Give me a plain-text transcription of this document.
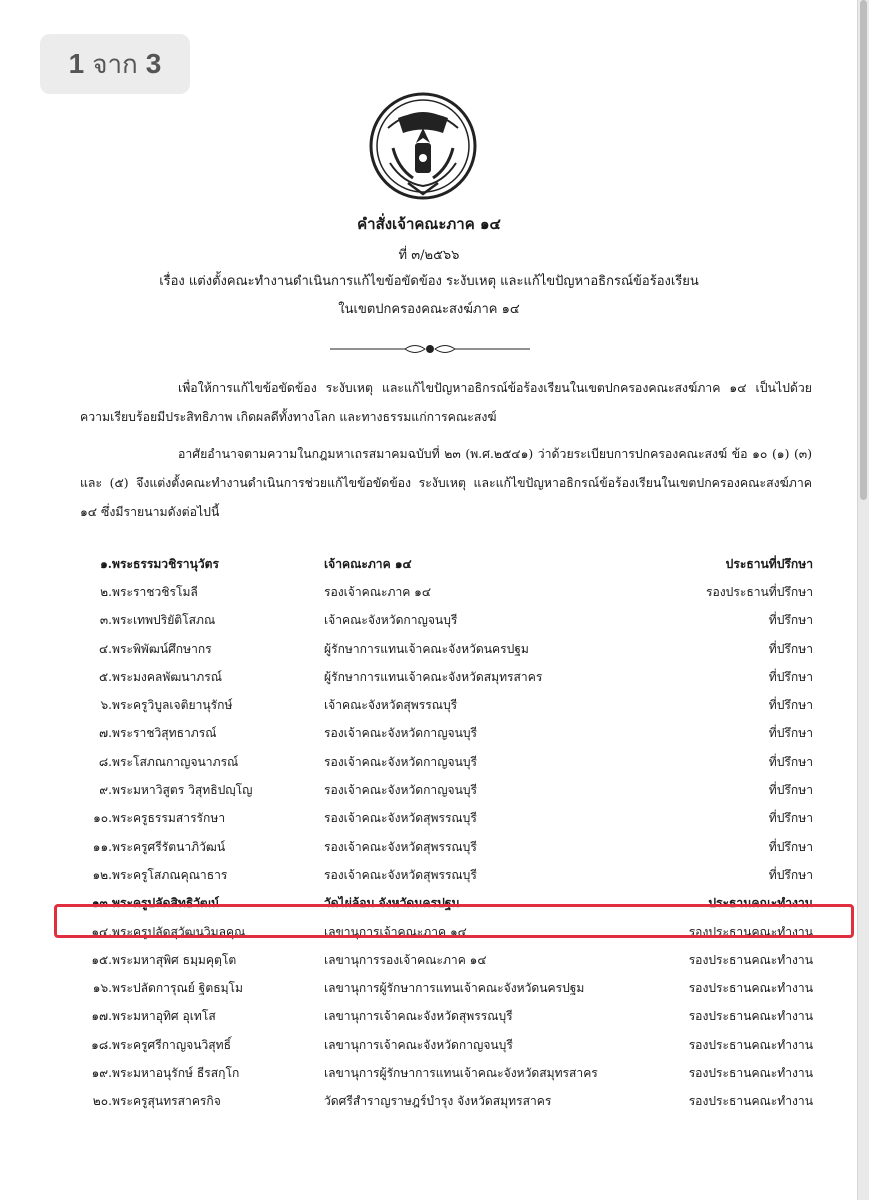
1 จาก 3
คำสั่งเจ้าคณะภาค ๑๔
ที่ ๓/๒๕๖๖
เรื่อง แต่งตั้งคณะทำงานดำเนินการแก้ไขข้อขัดข้อง ระงับเหตุ และแก้ไขปัญหาอธิกรณ์ข้อร้องเรียน
ในเขตปกครองคณะสงฆ์ภาค ๑๔
เพื่อให้การแก้ไขข้อขัดข้อง ระงับเหตุ และแก้ไขปัญหาอธิกรณ์ข้อร้องเรียนในเขตปกครองคณะสงฆ์ภาค ๑๔ เป็นไปด้วยความเรียบร้อยมีประสิทธิภาพ เกิดผลดีทั้งทางโลก และทางธรรมแก่การคณะสงฆ์
อาศัยอำนาจตามความในกฎมหาเถรสมาคมฉบับที่ ๒๓ (พ.ศ.๒๕๔๑) ว่าด้วยระเบียบการปกครองคณะสงฆ์ ข้อ ๑๐ (๑) (๓) และ (๕) จึงแต่งตั้งคณะทำงานดำเนินการช่วยแก้ไขข้อขัดข้อง ระงับเหตุ และแก้ไขปัญหาอธิกรณ์ข้อร้องเรียนในเขตปกครองคณะสงฆ์ภาค ๑๔ ซึ่งมีรายนามดังต่อไปนี้
๑.	พระธรรมวชิรานุวัตร	เจ้าคณะภาค ๑๔	ประธานที่ปรึกษา
๒.	พระราชวชิรโมลี	รองเจ้าคณะภาค ๑๔	รองประธานที่ปรึกษา
๓.	พระเทพปริยัติโสภณ	เจ้าคณะจังหวัดกาญจนบุรี	ที่ปรึกษา
๔.	พระพิพัฒน์ศึกษากร	ผู้รักษาการแทนเจ้าคณะจังหวัดนครปฐม	ที่ปรึกษา
๕.	พระมงคลพัฒนาภรณ์	ผู้รักษาการแทนเจ้าคณะจังหวัดสมุทรสาคร	ที่ปรึกษา
๖.	พระครูวิบูลเจติยานุรักษ์	เจ้าคณะจังหวัดสุพรรณบุรี	ที่ปรึกษา
๗.	พระราชวิสุทธาภรณ์	รองเจ้าคณะจังหวัดกาญจนบุรี	ที่ปรึกษา
๘.	พระโสภณกาญจนาภรณ์	รองเจ้าคณะจังหวัดกาญจนบุรี	ที่ปรึกษา
๙.	พระมหาวิสูตร วิสุทธิปญฺโญ	รองเจ้าคณะจังหวัดกาญจนบุรี	ที่ปรึกษา
๑๐.	พระครูธรรมสารรักษา	รองเจ้าคณะจังหวัดสุพรรณบุรี	ที่ปรึกษา
๑๑.	พระครูศรีรัตนาภิวัฒน์	รองเจ้าคณะจังหวัดสุพรรณบุรี	ที่ปรึกษา
๑๒.	พระครูโสภณคุณาธาร	รองเจ้าคณะจังหวัดสุพรรณบุรี	ที่ปรึกษา
๑๓.	พระครูปลัดสิทธิวัฒน์	วัดไผ่ล้อม จังหวัดนครปฐม	ประธานคณะทำงาน
๑๔.	พระครูปลัดสุวัฒนวิมลคุณ	เลขานุการเจ้าคณะภาค ๑๔	รองประธานคณะทำงาน
๑๕.	พระมหาสุพิศ ธมฺมคุตฺโต	เลขานุการรองเจ้าคณะภาค ๑๔	รองประธานคณะทำงาน
๑๖.	พระปลัดการุณย์ ฐิตธมฺโม	เลขานุการผู้รักษาการแทนเจ้าคณะจังหวัดนครปฐม	รองประธานคณะทำงาน
๑๗.	พระมหาอุทิศ อุเทโส	เลขานุการเจ้าคณะจังหวัดสุพรรณบุรี	รองประธานคณะทำงาน
๑๘.	พระครูศรีกาญจนวิสุทธิ์	เลขานุการเจ้าคณะจังหวัดกาญจนบุรี	รองประธานคณะทำงาน
๑๙.	พระมหาอนุรักษ์ ธีรสกฺโก	เลขานุการผู้รักษาการแทนเจ้าคณะจังหวัดสมุทรสาคร	รองประธานคณะทำงาน
๒๐.	พระครูสุนทรสาครกิจ	วัดศรีสำราญราษฎร์บำรุง จังหวัดสมุทรสาคร	รองประธานคณะทำงาน
